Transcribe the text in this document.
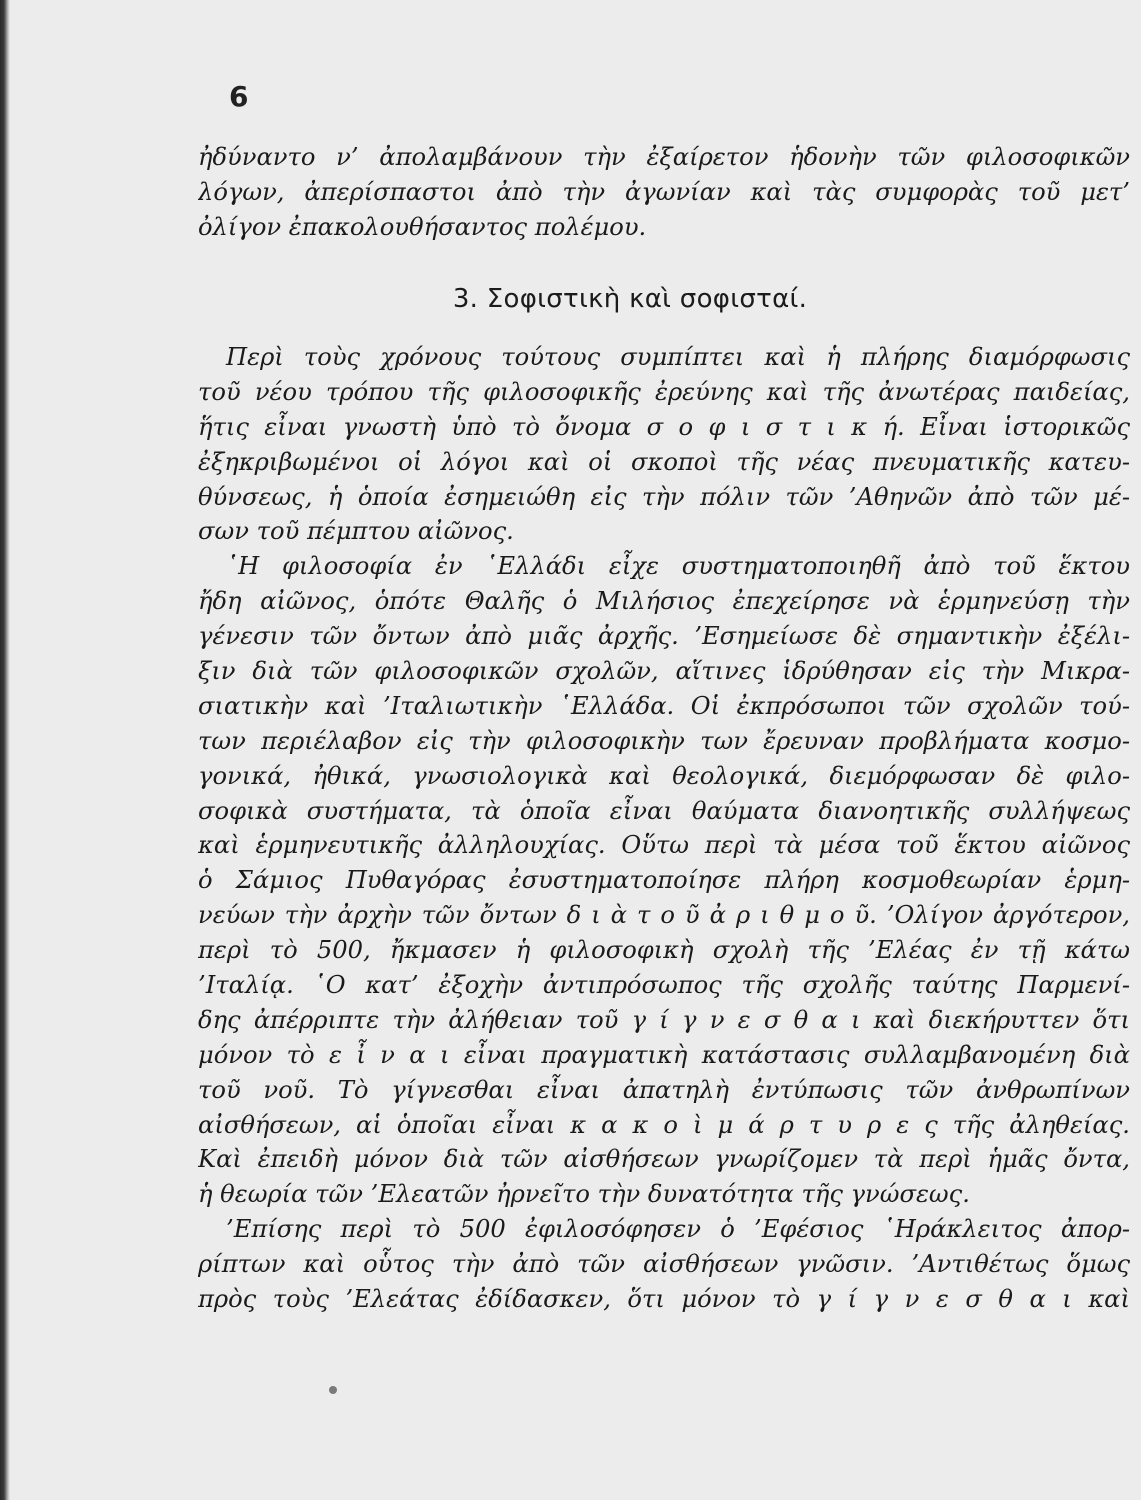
6
ἠδύναντο ν’ ἀπολαμβάνουν τὴν ἐξαίρετον ἡδονὴν τῶν φιλοσοφικῶν
λόγων, ἀπερίσπαστοι ἀπὸ τὴν ἀγωνίαν καὶ τὰς συμφορὰς τοῦ μετ’
ὀλίγον ἐπακολουθήσαντος πολέμου.
3. Σοφιστικὴ καὶ σοφισταί.
Περὶ τοὺς χρόνους τούτους συμπίπτει καὶ ἡ πλήρης διαμόρφωσις
τοῦ νέου τρόπου τῆς φιλοσοφικῆς ἐρεύνης καὶ τῆς ἀνωτέρας παιδείας,
ἥτις εἶναι γνωστὴ ὑπὸ τὸ ὄνομα σ ο φ ι σ τ ι κ ή. Εἶναι ἱστορικῶς
ἐξηκριβωμένοι οἱ λόγοι καὶ οἱ σκοποὶ τῆς νέας πνευματικῆς κατευ-
θύνσεως, ἡ ὁποία ἐσημειώθη εἰς τὴν πόλιν τῶν ’Αθηνῶν ἀπὸ τῶν μέ-
σων τοῦ πέμπτου αἰῶνος.
῾Η φιλοσοφία ἐν ῾Ελλάδι εἶχε συστηματοποιηθῆ ἀπὸ τοῦ ἕκτου
ἤδη αἰῶνος, ὁπότε Θαλῆς ὁ Μιλήσιος ἐπεχείρησε νὰ ἑρμηνεύσῃ τὴν
γένεσιν τῶν ὄντων ἀπὸ μιᾶς ἀρχῆς. ’Εσημείωσε δὲ σημαντικὴν ἐξέλι-
ξιν διὰ τῶν φιλοσοφικῶν σχολῶν, αἵτινες ἱδρύθησαν εἰς τὴν Μικρα-
σιατικὴν καὶ ’Ιταλιωτικὴν ῾Ελλάδα. Οἱ ἐκπρόσωποι τῶν σχολῶν τού-
των περιέλαβον εἰς τὴν φιλοσοφικὴν των ἔρευναν προβλήματα κοσμο-
γονικά, ἠθικά, γνωσιολογικὰ καὶ θεολογικά, διεμόρφωσαν δὲ φιλο-
σοφικὰ συστήματα, τὰ ὁποῖα εἶναι θαύματα διανοητικῆς συλλήψεως
καὶ ἑρμηνευτικῆς ἀλληλουχίας. Οὕτω περὶ τὰ μέσα τοῦ ἕκτου αἰῶνος
ὁ Σάμιος Πυθαγόρας ἐσυστηματοποίησε πλήρη κοσμοθεωρίαν ἑρμη-
νεύων τὴν ἀρχὴν τῶν ὄντων δ ι ὰ τ ο ῦ ἀ ρ ι θ μ ο ῦ. ’Ολίγον ἀργότερον,
περὶ τὸ 500, ἤκμασεν ἡ φιλοσοφικὴ σχολὴ τῆς ’Ελέας ἐν τῇ κάτω
’Ιταλίᾳ. ῾Ο κατ’ ἐξοχὴν ἀντιπρόσωπος τῆς σχολῆς ταύτης Παρμενί-
δης ἀπέρριπτε τὴν ἀλήθειαν τοῦ γ ί γ ν ε σ θ α ι καὶ διεκήρυττεν ὅτι
μόνον τὸ ε ἶ ν α ι εἶναι πραγματικὴ κατάστασις συλλαμβανομένη διὰ
τοῦ νοῦ. Τὸ γίγνεσθαι εἶναι ἀπατηλὴ ἐντύπωσις τῶν ἀνθρωπίνων
αἰσθήσεων, αἱ ὁποῖαι εἶναι κ α κ ο ὶ μ ά ρ τ υ ρ ε ς τῆς ἀληθείας.
Καὶ ἐπειδὴ μόνον διὰ τῶν αἰσθήσεων γνωρίζομεν τὰ περὶ ἡμᾶς ὄντα,
ἡ θεωρία τῶν ’Ελεατῶν ἠρνεῖτο τὴν δυνατότητα τῆς γνώσεως.
’Επίσης περὶ τὸ 500 ἐφιλοσόφησεν ὁ ’Εφέσιος ῾Ηράκλειτος ἀπορ-
ρίπτων καὶ οὗτος τὴν ἀπὸ τῶν αἰσθήσεων γνῶσιν. ’Αντιθέτως ὅμως
πρὸς τοὺς ’Ελεάτας ἐδίδασκεν, ὅτι μόνον τὸ γ ί γ ν ε σ θ α ι καὶ
